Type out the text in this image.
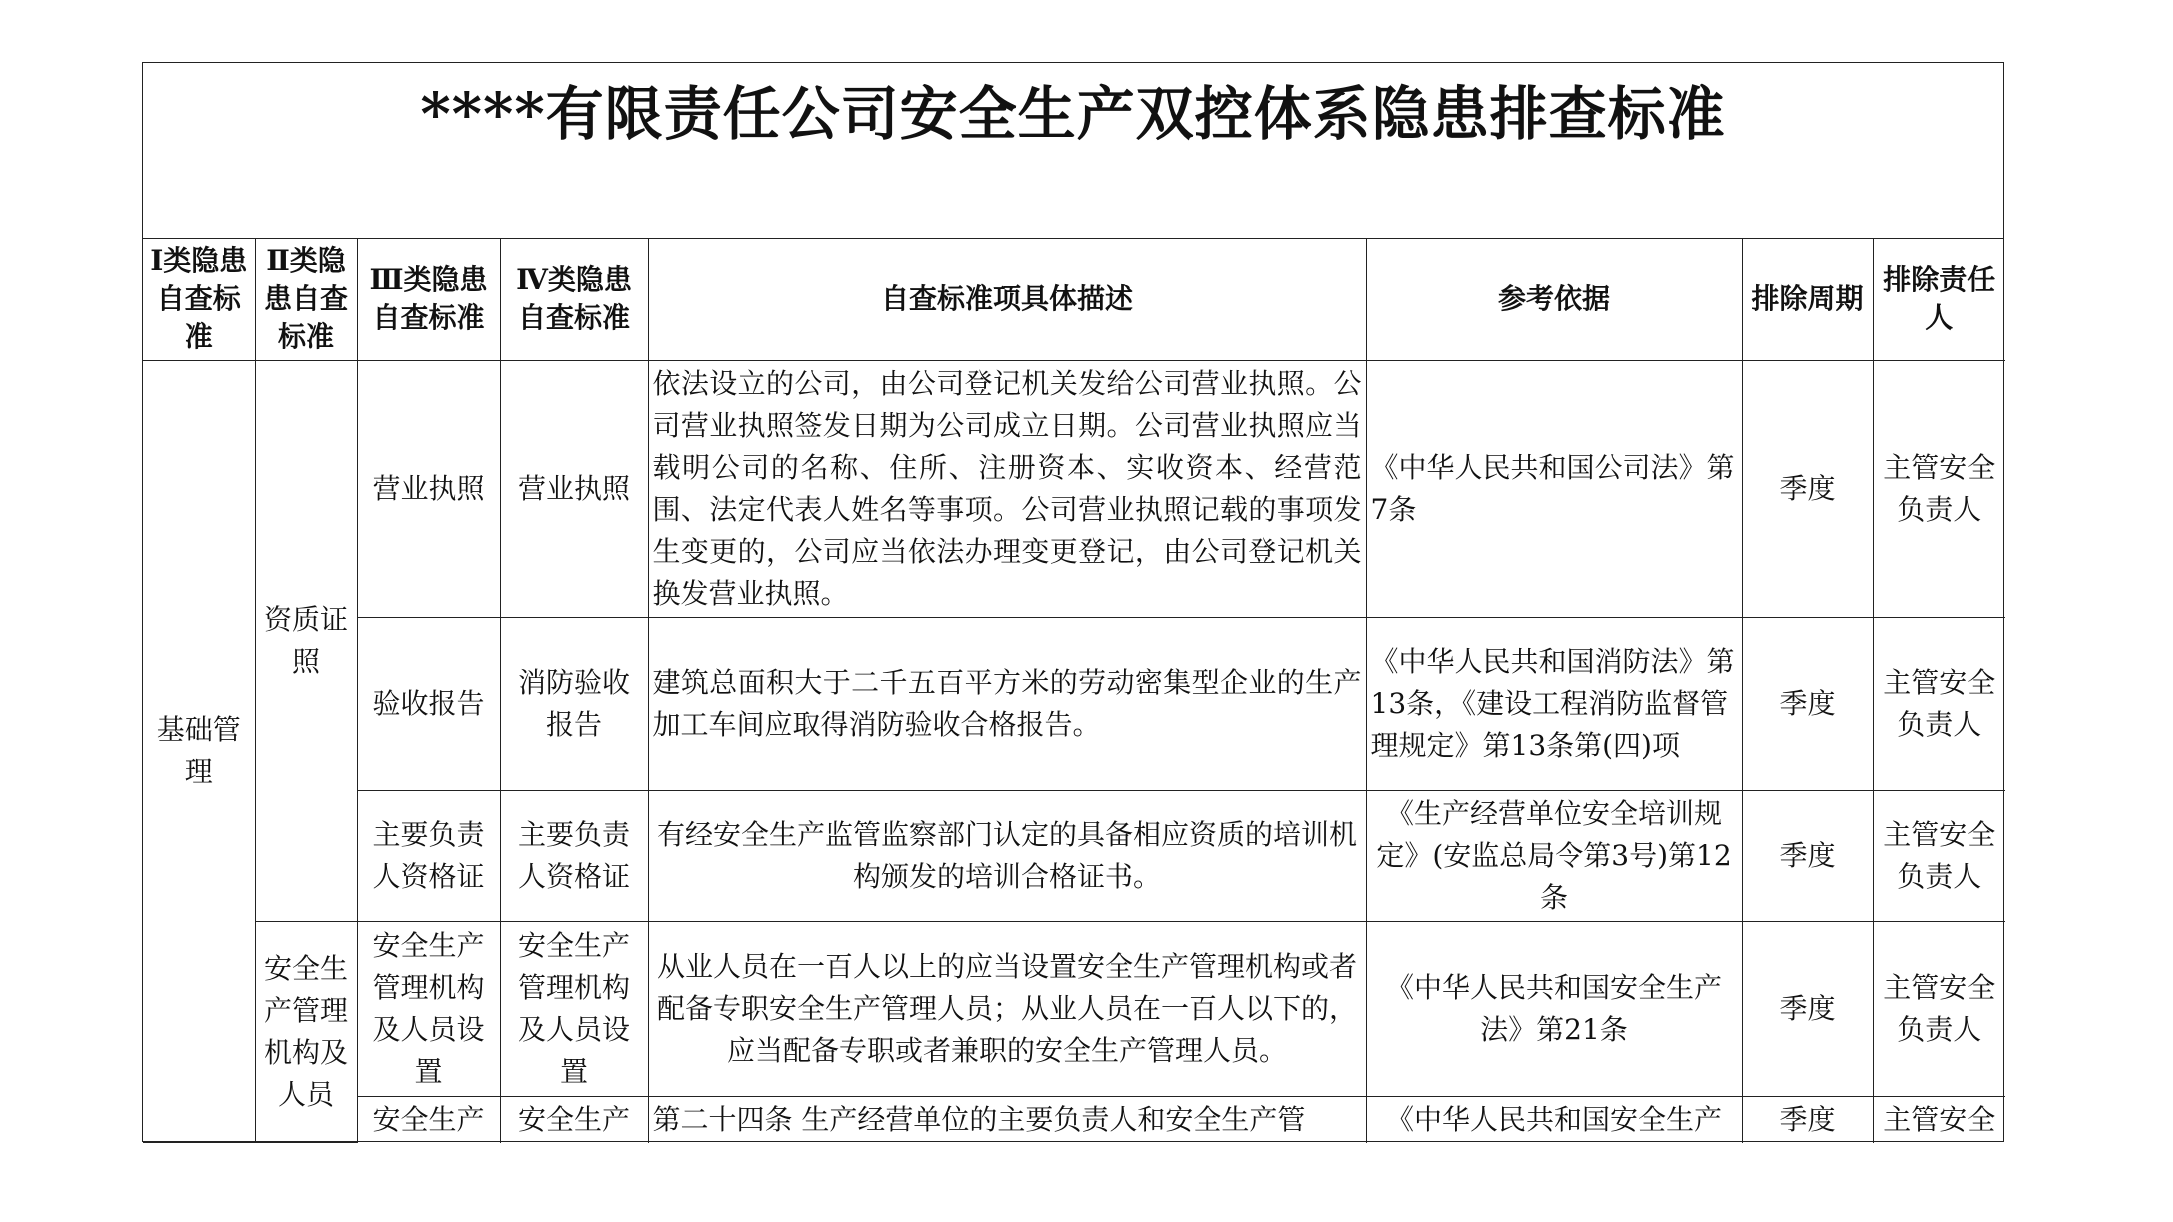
****有限责任公司安全生产双控体系隐患排查标准
Ⅰ类隐患自查标准	Ⅱ类隐患自查标准	Ⅲ类隐患自查标准	Ⅳ类隐患自查标准	自查标准项具体描述	参考依据	排除周期	排除责任人
基础管理	资质证照	营业执照	营业执照	依法设立的公司，由公司登记机关发给公司营业执照。公司营业执照签发日期为公司成立日期。公司营业执照应当载明公司的名称、住所、注册资本、实收资本、经营范围、法定代表人姓名等事项。公司营业执照记载的事项发生变更的，公司应当依法办理变更登记，由公司登记机关换发营业执照。	《中华人民共和国公司法》第7条	季度	主管安全负责人
		验收报告	消防验收报告	建筑总面积大于二千五百平方米的劳动密集型企业的生产加工车间应取得消防验收合格报告。	《中华人民共和国消防法》第13条，《建设工程消防监督管理规定》第13条第(四)项	季度	主管安全负责人
		主要负责人资格证	主要负责人资格证	有经安全生产监管监察部门认定的具备相应资质的培训机构颁发的培训合格证书。	《生产经营单位安全培训规定》(安监总局令第3号)第12条	季度	主管安全负责人
	安全生产管理机构及人员	安全生产管理机构及人员设置	安全生产管理机构及人员设置	从业人员在一百人以上的应当设置安全生产管理机构或者配备专职安全生产管理人员；从业人员在一百人以下的，应当配备专职或者兼职的安全生产管理人员。	《中华人民共和国安全生产法》第21条	季度	主管安全负责人
		安全生产	安全生产	第二十四条 生产经营单位的主要负责人和安全生产管	《中华人民共和国安全生产	季度	主管安全
